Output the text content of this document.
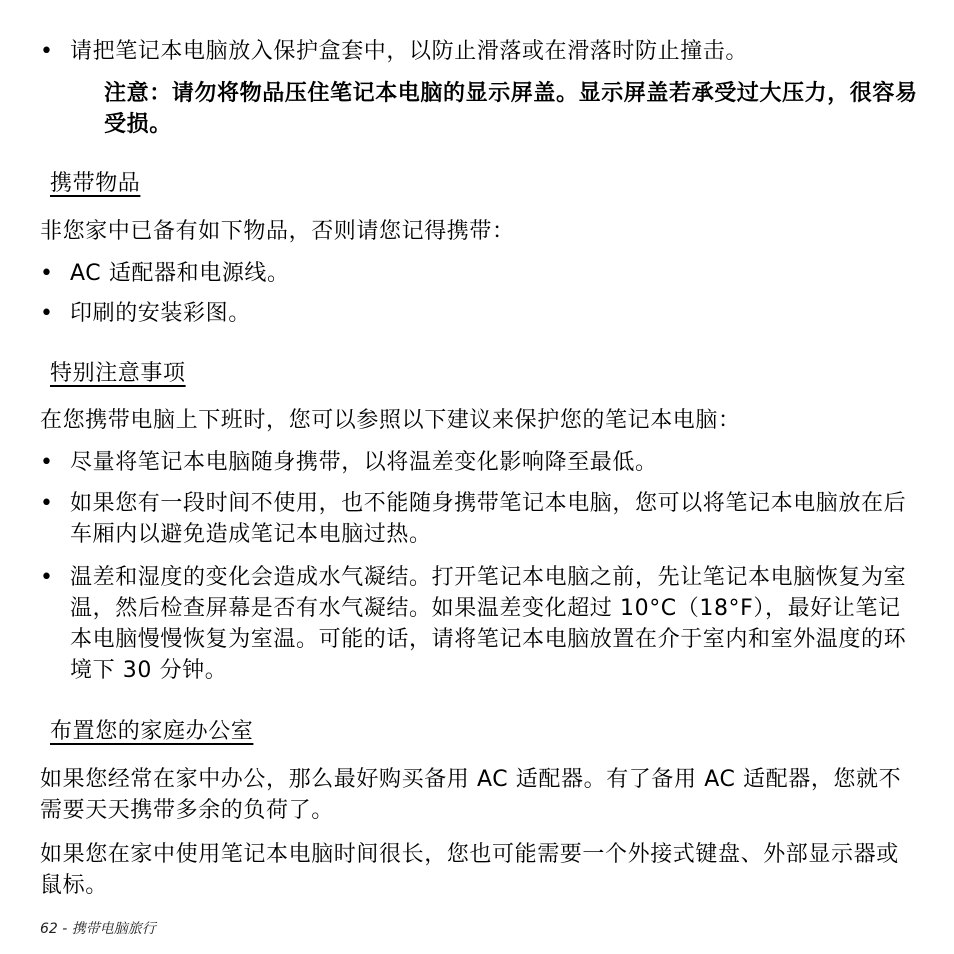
• 请把笔记本电脑放入保护盒套中，以防止滑落或在滑落时防止撞击。
注意：请勿将物品压住笔记本电脑的显示屏盖。显示屏盖若承受过大压力，很容易受损。
携带物品
非您家中已备有如下物品，否则请您记得携带：
• AC 适配器和电源线。
• 印刷的安装彩图。
特别注意事项
在您携带电脑上下班时，您可以参照以下建议来保护您的笔记本电脑：
• 尽量将笔记本电脑随身携带，以将温差变化影响降至最低。
• 如果您有一段时间不使用，也不能随身携带笔记本电脑，您可以将笔记本电脑放在后车厢内以避免造成笔记本电脑过热。
• 温差和湿度的变化会造成水气凝结。打开笔记本电脑之前，先让笔记本电脑恢复为室温，然后检查屏幕是否有水气凝结。如果温差变化超过 10°C（18°F），最好让笔记本电脑慢慢恢复为室温。可能的话，请将笔记本电脑放置在介于室内和室外温度的环境下 30 分钟。
布置您的家庭办公室
如果您经常在家中办公，那么最好购买备用 AC 适配器。有了备用 AC 适配器，您就不需要天天携带多余的负荷了。
如果您在家中使用笔记本电脑时间很长，您也可能需要一个外接式键盘、外部显示器或鼠标。
62 - 携带电脑旅行
